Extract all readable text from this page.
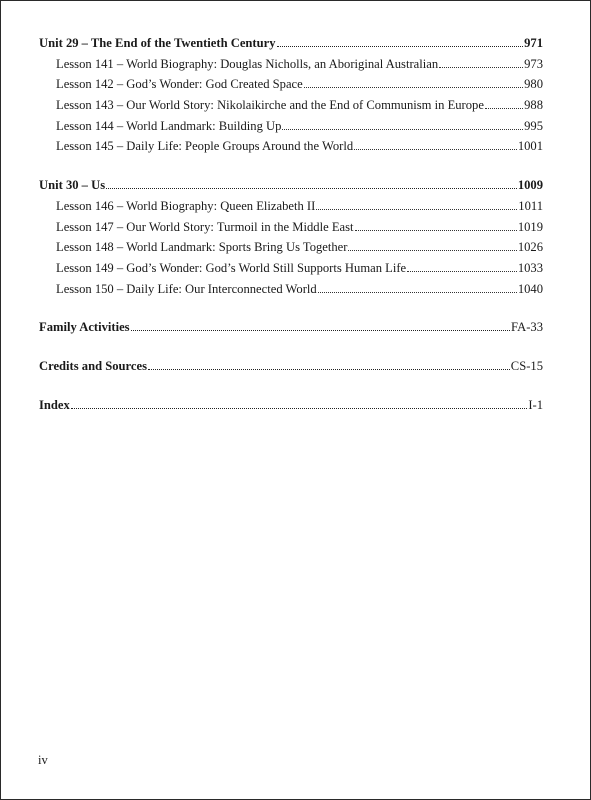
Unit 29 – The End of the Twentieth Century	971
Lesson 141 – World Biography: Douglas Nicholls, an Aboriginal Australian	973
Lesson 142 – God’s Wonder: God Created Space	980
Lesson 143 – Our World Story: Nikolaikirche and the End of Communism in Europe	988
Lesson 144 – World Landmark: Building Up	995
Lesson 145 – Daily Life: People Groups Around the World	1001
Unit 30 – Us	1009
Lesson 146 – World Biography: Queen Elizabeth II	1011
Lesson 147 – Our World Story: Turmoil in the Middle East	1019
Lesson 148 – World Landmark: Sports Bring Us Together	1026
Lesson 149 – God’s Wonder: God’s World Still Supports Human Life	1033
Lesson 150 – Daily Life: Our Interconnected World	1040
Family Activities	FA-33
Credits and Sources	CS-15
Index	I-1
iv
